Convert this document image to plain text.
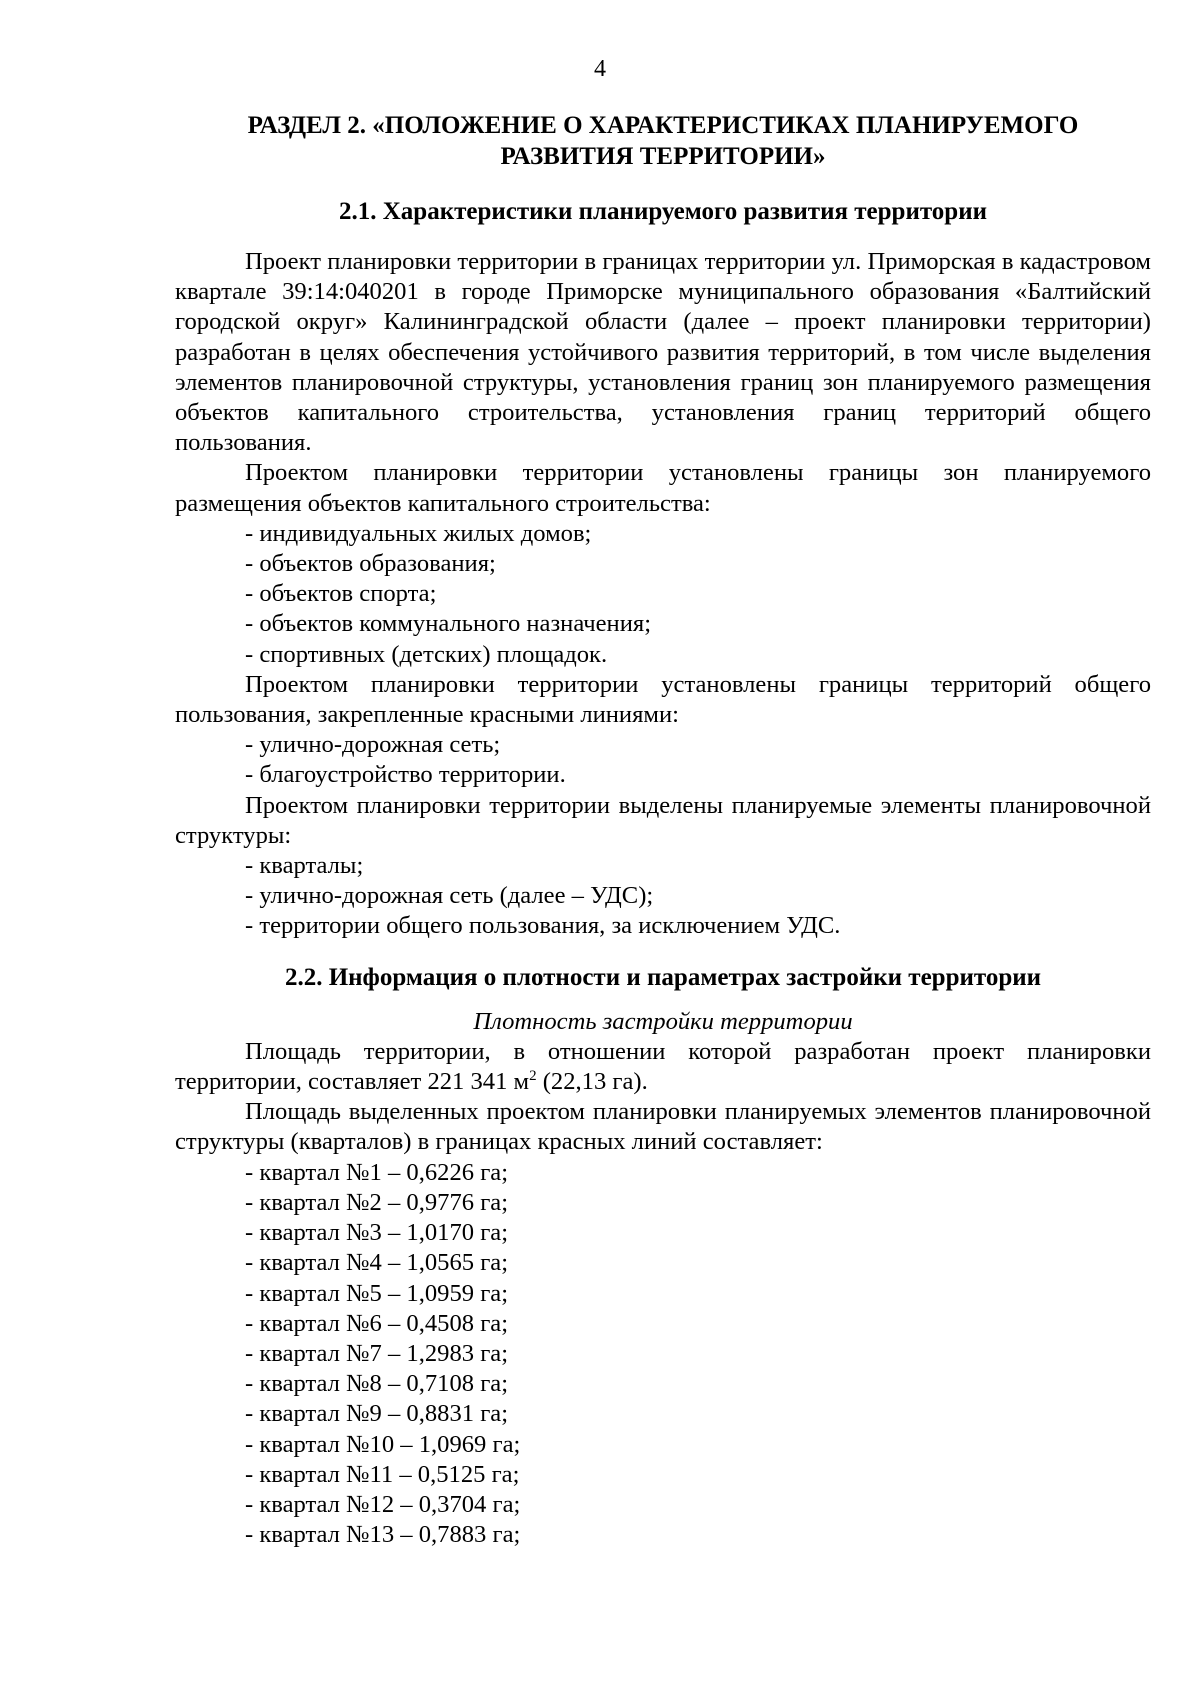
4
РАЗДЕЛ 2. «ПОЛОЖЕНИЕ О ХАРАКТЕРИСТИКАХ ПЛАНИРУЕМОГО
РАЗВИТИЯ ТЕРРИТОРИИ»
2.1. Характеристики планируемого развития территории

Проект планировки территории в границах территории ул. Приморская в кадастровом квартале 39:14:040201 в городе Приморске муниципального образования «Балтийский городской округ» Калининградской области (далее – проект планировки территории) разработан в целях обеспечения устойчивого развития территорий, в том числе выделения элементов планировочной структуры, установления границ зон планируемого размещения объектов капитального строительства, установления границ территорий общего пользования.

Проектом планировки территории установлены границы зон планируемого размещения объектов капитального строительства:

- индивидуальных жилых домов;
- объектов образования;
- объектов спорта;
- объектов коммунального назначения;
- спортивных (детских) площадок.

Проектом планировки территории установлены границы территорий общего пользования, закрепленные красными линиями:

- улично-дорожная сеть;
- благоустройство территории.

Проектом планировки территории выделены планируемые элементы планировочной структуры:

- кварталы;
- улично-дорожная сеть (далее – УДС);
- территории общего пользования, за исключением УДС.
2.2. Информация о плотности и параметрах застройки территории

Плотность застройки территории

Площадь территории, в отношении которой разработан проект планировки территории, составляет 221 341 $м^2$ (22,13 га).

Площадь выделенных проектом планировки планируемых элементов планировочной структуры (кварталов) в границах красных линий составляет:

- квартал №1 – 0,6226 га;
- квартал №2 – 0,9776 га;
- квартал №3 – 1,0170 га;
- квартал №4 – 1,0565 га;
- квартал №5 – 1,0959 га;
- квартал №6 – 0,4508 га;
- квартал №7 – 1,2983 га;
- квартал №8 – 0,7108 га;
- квартал №9 – 0,8831 га;
- квартал №10 – 1,0969 га;
- квартал №11 – 0,5125 га;
- квартал №12 – 0,3704 га;
- квартал №13 – 0,7883 га;
